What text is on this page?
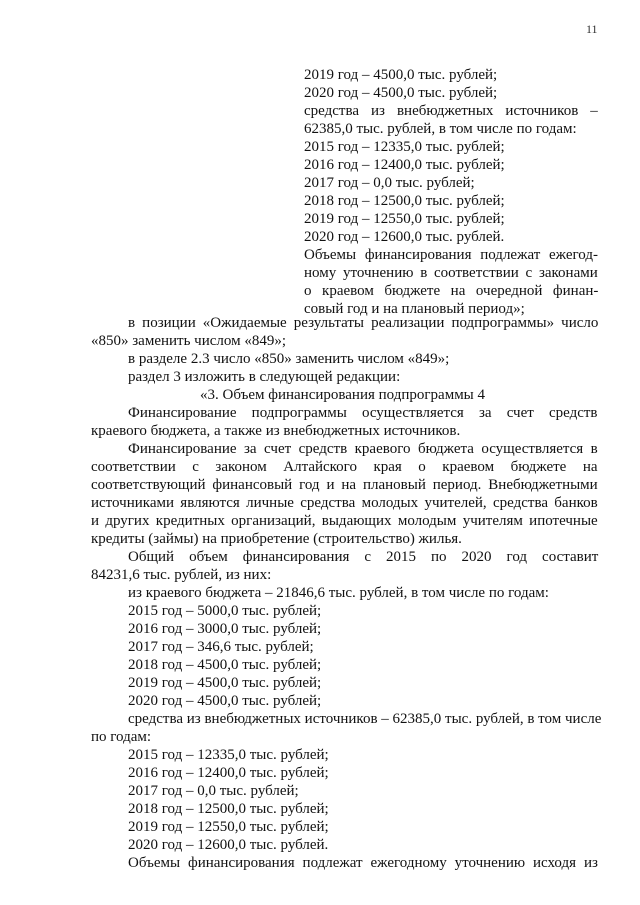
11
2019 год – 4500,0 тыс. рублей;
2020 год – 4500,0 тыс. рублей;
средства из внебюджетных источников –
62385,0 тыс. рублей, в том числе по годам:
2015 год – 12335,0 тыс. рублей;
2016 год – 12400,0 тыс. рублей;
2017 год – 0,0 тыс. рублей;
2018 год – 12500,0 тыс. рублей;
2019 год – 12550,0 тыс. рублей;
2020 год – 12600,0 тыс. рублей.
Объемы финансирования подлежат ежегод-
ному уточнению в соответствии с законами
о краевом бюджете на очередной финан-
совый год и на плановый период»;
в позиции «Ожидаемые результаты реализации подпрограммы» число
«850» заменить числом «849»;
в разделе 2.3 число «850» заменить числом «849»;
раздел 3 изложить в следующей редакции:
«3. Объем финансирования подпрограммы 4
Финансирование подпрограммы осуществляется за счет средств
краевого бюджета, а также из внебюджетных источников.
Финансирование за счет средств краевого бюджета осуществляется в
соответствии с законом Алтайского края о краевом бюджете на
соответствующий финансовый год и на плановый период. Внебюджетными
источниками являются личные средства молодых учителей, средства банков
и других кредитных организаций, выдающих молодым учителям ипотечные
кредиты (займы) на приобретение (строительство) жилья.
Общий объем финансирования с 2015 по 2020 год составит
84231,6 тыс. рублей, из них:
из краевого бюджета – 21846,6 тыс. рублей, в том числе по годам:
2015 год – 5000,0 тыс. рублей;
2016 год – 3000,0 тыс. рублей;
2017 год – 346,6 тыс. рублей;
2018 год – 4500,0 тыс. рублей;
2019 год – 4500,0 тыс. рублей;
2020 год – 4500,0 тыс. рублей;
средства из внебюджетных источников – 62385,0 тыс. рублей, в том числе
по годам:
2015 год – 12335,0 тыс. рублей;
2016 год – 12400,0 тыс. рублей;
2017 год – 0,0 тыс. рублей;
2018 год – 12500,0 тыс. рублей;
2019 год – 12550,0 тыс. рублей;
2020 год – 12600,0 тыс. рублей.
Объемы финансирования подлежат ежегодному уточнению исходя из
